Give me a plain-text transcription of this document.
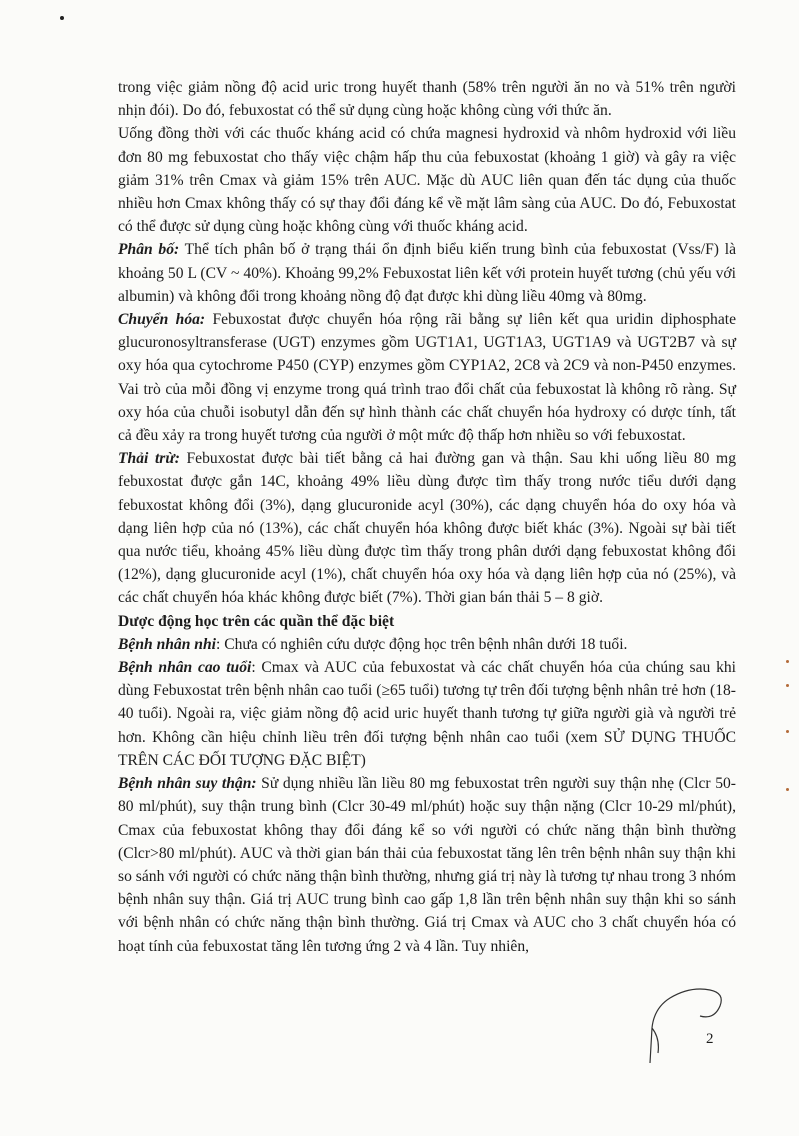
trong việc giảm nồng độ acid uric trong huyết thanh (58% trên người ăn no và 51% trên người nhịn đói). Do đó, febuxostat có thể sử dụng cùng hoặc không cùng với thức ăn.

Uống đồng thời với các thuốc kháng acid có chứa magnesi hydroxid và nhôm hydroxid với liều đơn 80 mg febuxostat cho thấy việc chậm hấp thu của febuxostat (khoảng 1 giờ) và gây ra việc giảm 31% trên Cmax và giảm 15% trên AUC. Mặc dù AUC liên quan đến tác dụng của thuốc nhiều hơn Cmax không thấy có sự thay đổi đáng kể về mặt lâm sàng của AUC. Do đó, Febuxostat có thể được sử dụng cùng hoặc không cùng với thuốc kháng acid.

Phân bố: Thể tích phân bố ở trạng thái ổn định biểu kiến trung bình của febuxostat (Vss/F) là khoảng 50 L (CV ~ 40%). Khoảng 99,2% Febuxostat liên kết với protein huyết tương (chủ yếu với albumin) và không đổi trong khoảng nồng độ đạt được khi dùng liều 40mg và 80mg.

Chuyển hóa: Febuxostat được chuyển hóa rộng rãi bằng sự liên kết qua uridin diphosphate glucuronosyltransferase (UGT) enzymes gồm UGT1A1, UGT1A3, UGT1A9 và UGT2B7 và sự oxy hóa qua cytochrome P450 (CYP) enzymes gồm CYP1A2, 2C8 và 2C9 và non-P450 enzymes. Vai trò của mỗi đồng vị enzyme trong quá trình trao đổi chất của febuxostat là không rõ ràng. Sự oxy hóa của chuỗi isobutyl dẫn đến sự hình thành các chất chuyển hóa hydroxy có dược tính, tất cả đều xảy ra trong huyết tương của người ở một mức độ thấp hơn nhiều so với febuxostat.

Thải trừ: Febuxostat được bài tiết bằng cả hai đường gan và thận. Sau khi uống liều 80 mg febuxostat được gắn 14C, khoảng 49% liều dùng được tìm thấy trong nước tiểu dưới dạng febuxostat không đổi (3%), dạng glucuronide acyl (30%), các dạng chuyển hóa do oxy hóa và dạng liên hợp của nó (13%), các chất chuyển hóa không được biết khác (3%). Ngoài sự bài tiết qua nước tiểu, khoảng 45% liều dùng được tìm thấy trong phân dưới dạng febuxostat không đổi (12%), dạng glucuronide acyl (1%), chất chuyển hóa oxy hóa và dạng liên hợp của nó (25%), và các chất chuyển hóa khác không được biết (7%). Thời gian bán thải 5 – 8 giờ.

Dược động học trên các quần thể đặc biệt

Bệnh nhân nhi: Chưa có nghiên cứu dược động học trên bệnh nhân dưới 18 tuổi.

Bệnh nhân cao tuổi: Cmax và AUC của febuxostat và các chất chuyển hóa của chúng sau khi dùng Febuxostat trên bệnh nhân cao tuổi (≥65 tuổi) tương tự trên đối tượng bệnh nhân trẻ hơn (18-40 tuổi). Ngoài ra, việc giảm nồng độ acid uric huyết thanh tương tự giữa người già và người trẻ hơn. Không cần hiệu chỉnh liều trên đối tượng bệnh nhân cao tuổi (xem SỬ DỤNG THUỐC TRÊN CÁC ĐỐI TƯỢNG ĐẶC BIỆT)

Bệnh nhân suy thận: Sử dụng nhiều lần liều 80 mg febuxostat trên người suy thận nhẹ (Clcr 50-80 ml/phút), suy thận trung bình (Clcr 30-49 ml/phút) hoặc suy thận nặng (Clcr 10-29 ml/phút), Cmax của febuxostat không thay đổi đáng kể so với người có chức năng thận bình thường (Clcr>80 ml/phút). AUC và thời gian bán thải của febuxostat tăng lên trên bệnh nhân suy thận khi so sánh với người có chức năng thận bình thường, nhưng giá trị này là tương tự nhau trong 3 nhóm bệnh nhân suy thận. Giá trị AUC trung bình cao gấp 1,8 lần trên bệnh nhân suy thận khi so sánh với bệnh nhân có chức năng thận bình thường. Giá trị Cmax và AUC cho 3 chất chuyển hóa có hoạt tính của febuxostat tăng lên tương ứng 2 và 4 lần. Tuy nhiên,

2
